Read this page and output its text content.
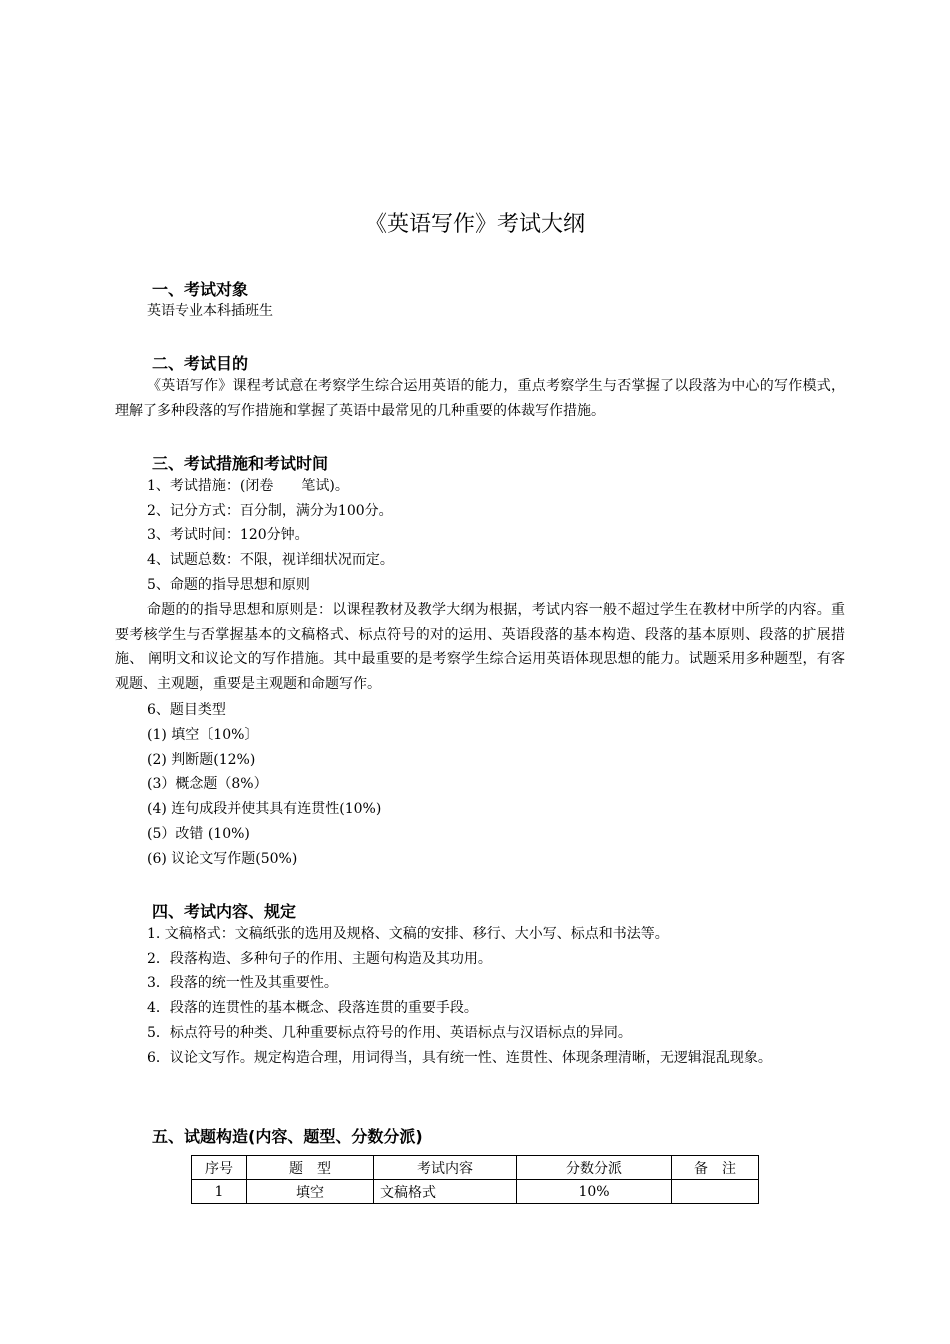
《英语写作》考试大纲
一、考试对象

英语专业本科插班生

二、考试目的

《英语写作》课程考试意在考察学生综合运用英语的能力，重点考察学生与否掌握了以段落为中心的写作模式，理解了多种段落的写作措施和掌握了英语中最常见的几种重要的体裁写作措施。

三、考试措施和考试时间

1、考试措施：(闭卷　　笔试)。

2、记分方式：百分制，满分为100分。

3、考试时间：120分钟。

4、试题总数：不限，视详细状况而定。

5、命题的指导思想和原则

命题的的指导思想和原则是：以课程教材及教学大纲为根据，考试内容一般不超过学生在教材中所学的内容。重要考核学生与否掌握基本的文稿格式、标点符号的对的运用、英语段落的基本构造、段落的基本原则、段落的扩展措施、 阐明文和议论文的写作措施。其中最重要的是考察学生综合运用英语体现思想的能力。试题采用多种题型，有客观题、主观题，重要是主观题和命题写作。

6、题目类型

(1) 填空〔10%〕

(2) 判断题(12%)

(3）概念题（8%）

(4) 连句成段并使其具有连贯性(10%)

(5）改错 (10%)

(6) 议论文写作题(50%)

四、考试内容、规定

1. 文稿格式：文稿纸张的选用及规格、文稿的安排、移行、大小写、标点和书法等。

2．段落构造、多种句子的作用、主题句构造及其功用。

3．段落的统一性及其重要性。

4．段落的连贯性的基本概念、段落连贯的重要手段。

5．标点符号的种类、几种重要标点符号的作用、英语标点与汉语标点的异同。

6．议论文写作。规定构造合理，用词得当，具有统一性、连贯性、体现条理清晰，无逻辑混乱现象。

五、试题构造(内容、题型、分数分派)
序号	题　型	考试内容	分数分派	备　注
1	填空	文稿格式	10%	
